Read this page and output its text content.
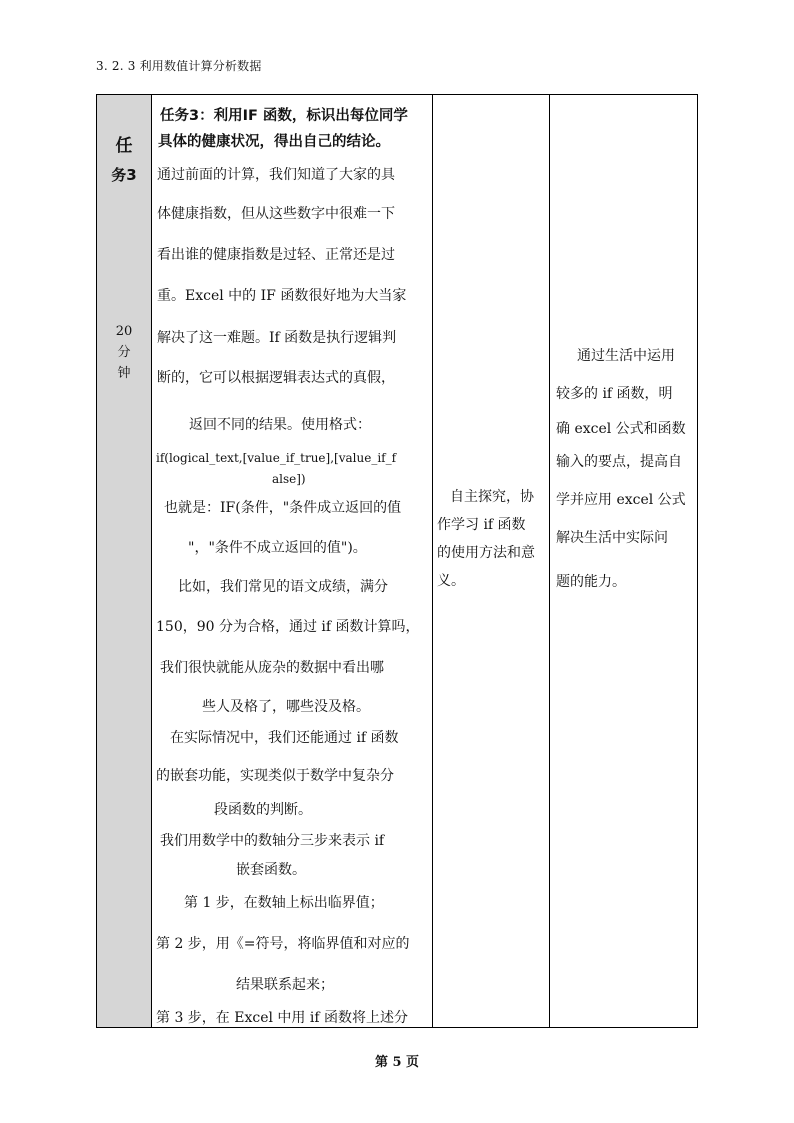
3. 2. 3 利用数值计算分析数据
任
务3
20
分
钟
任务3：利用IF 函数，标识出每位同学
具体的健康状况，得出自己的结论。
通过前面的计算，我们知道了大家的具
体健康指数，但从这些数字中很难一下
看出谁的健康指数是过轻、正常还是过
重。Excel 中的 IF 函数很好地为大当家
解决了这一难题。If 函数是执行逻辑判
断的，它可以根据逻辑表达式的真假，
返回不同的结果。使用格式：
if(logical_text,[value_if_true],[value_if_f
alse])
也就是：IF(条件，"条件成立返回的值
"，"条件不成立返回的值")。
比如，我们常见的语文成绩，满分
150，90 分为合格，通过 if 函数计算吗，
我们很快就能从庞杂的数据中看出哪
些人及格了，哪些没及格。
在实际情况中，我们还能通过 if 函数
的嵌套功能，实现类似于数学中复杂分
段函数的判断。
我们用数学中的数轴分三步来表示 if
嵌套函数。
第 1 步，在数轴上标出临界值；
第 2 步，用《=符号，将临界值和对应的
结果联系起来；
第 3 步，在 Excel 中用 if 函数将上述分
自主探究，协
作学习 if 函数
的使用方法和意
义。
通过生活中运用
较多的 if 函数，明
确 excel 公式和函数
输入的要点，提高自
学并应用 excel 公式
解决生活中实际问
题的能力。
第 5 页
